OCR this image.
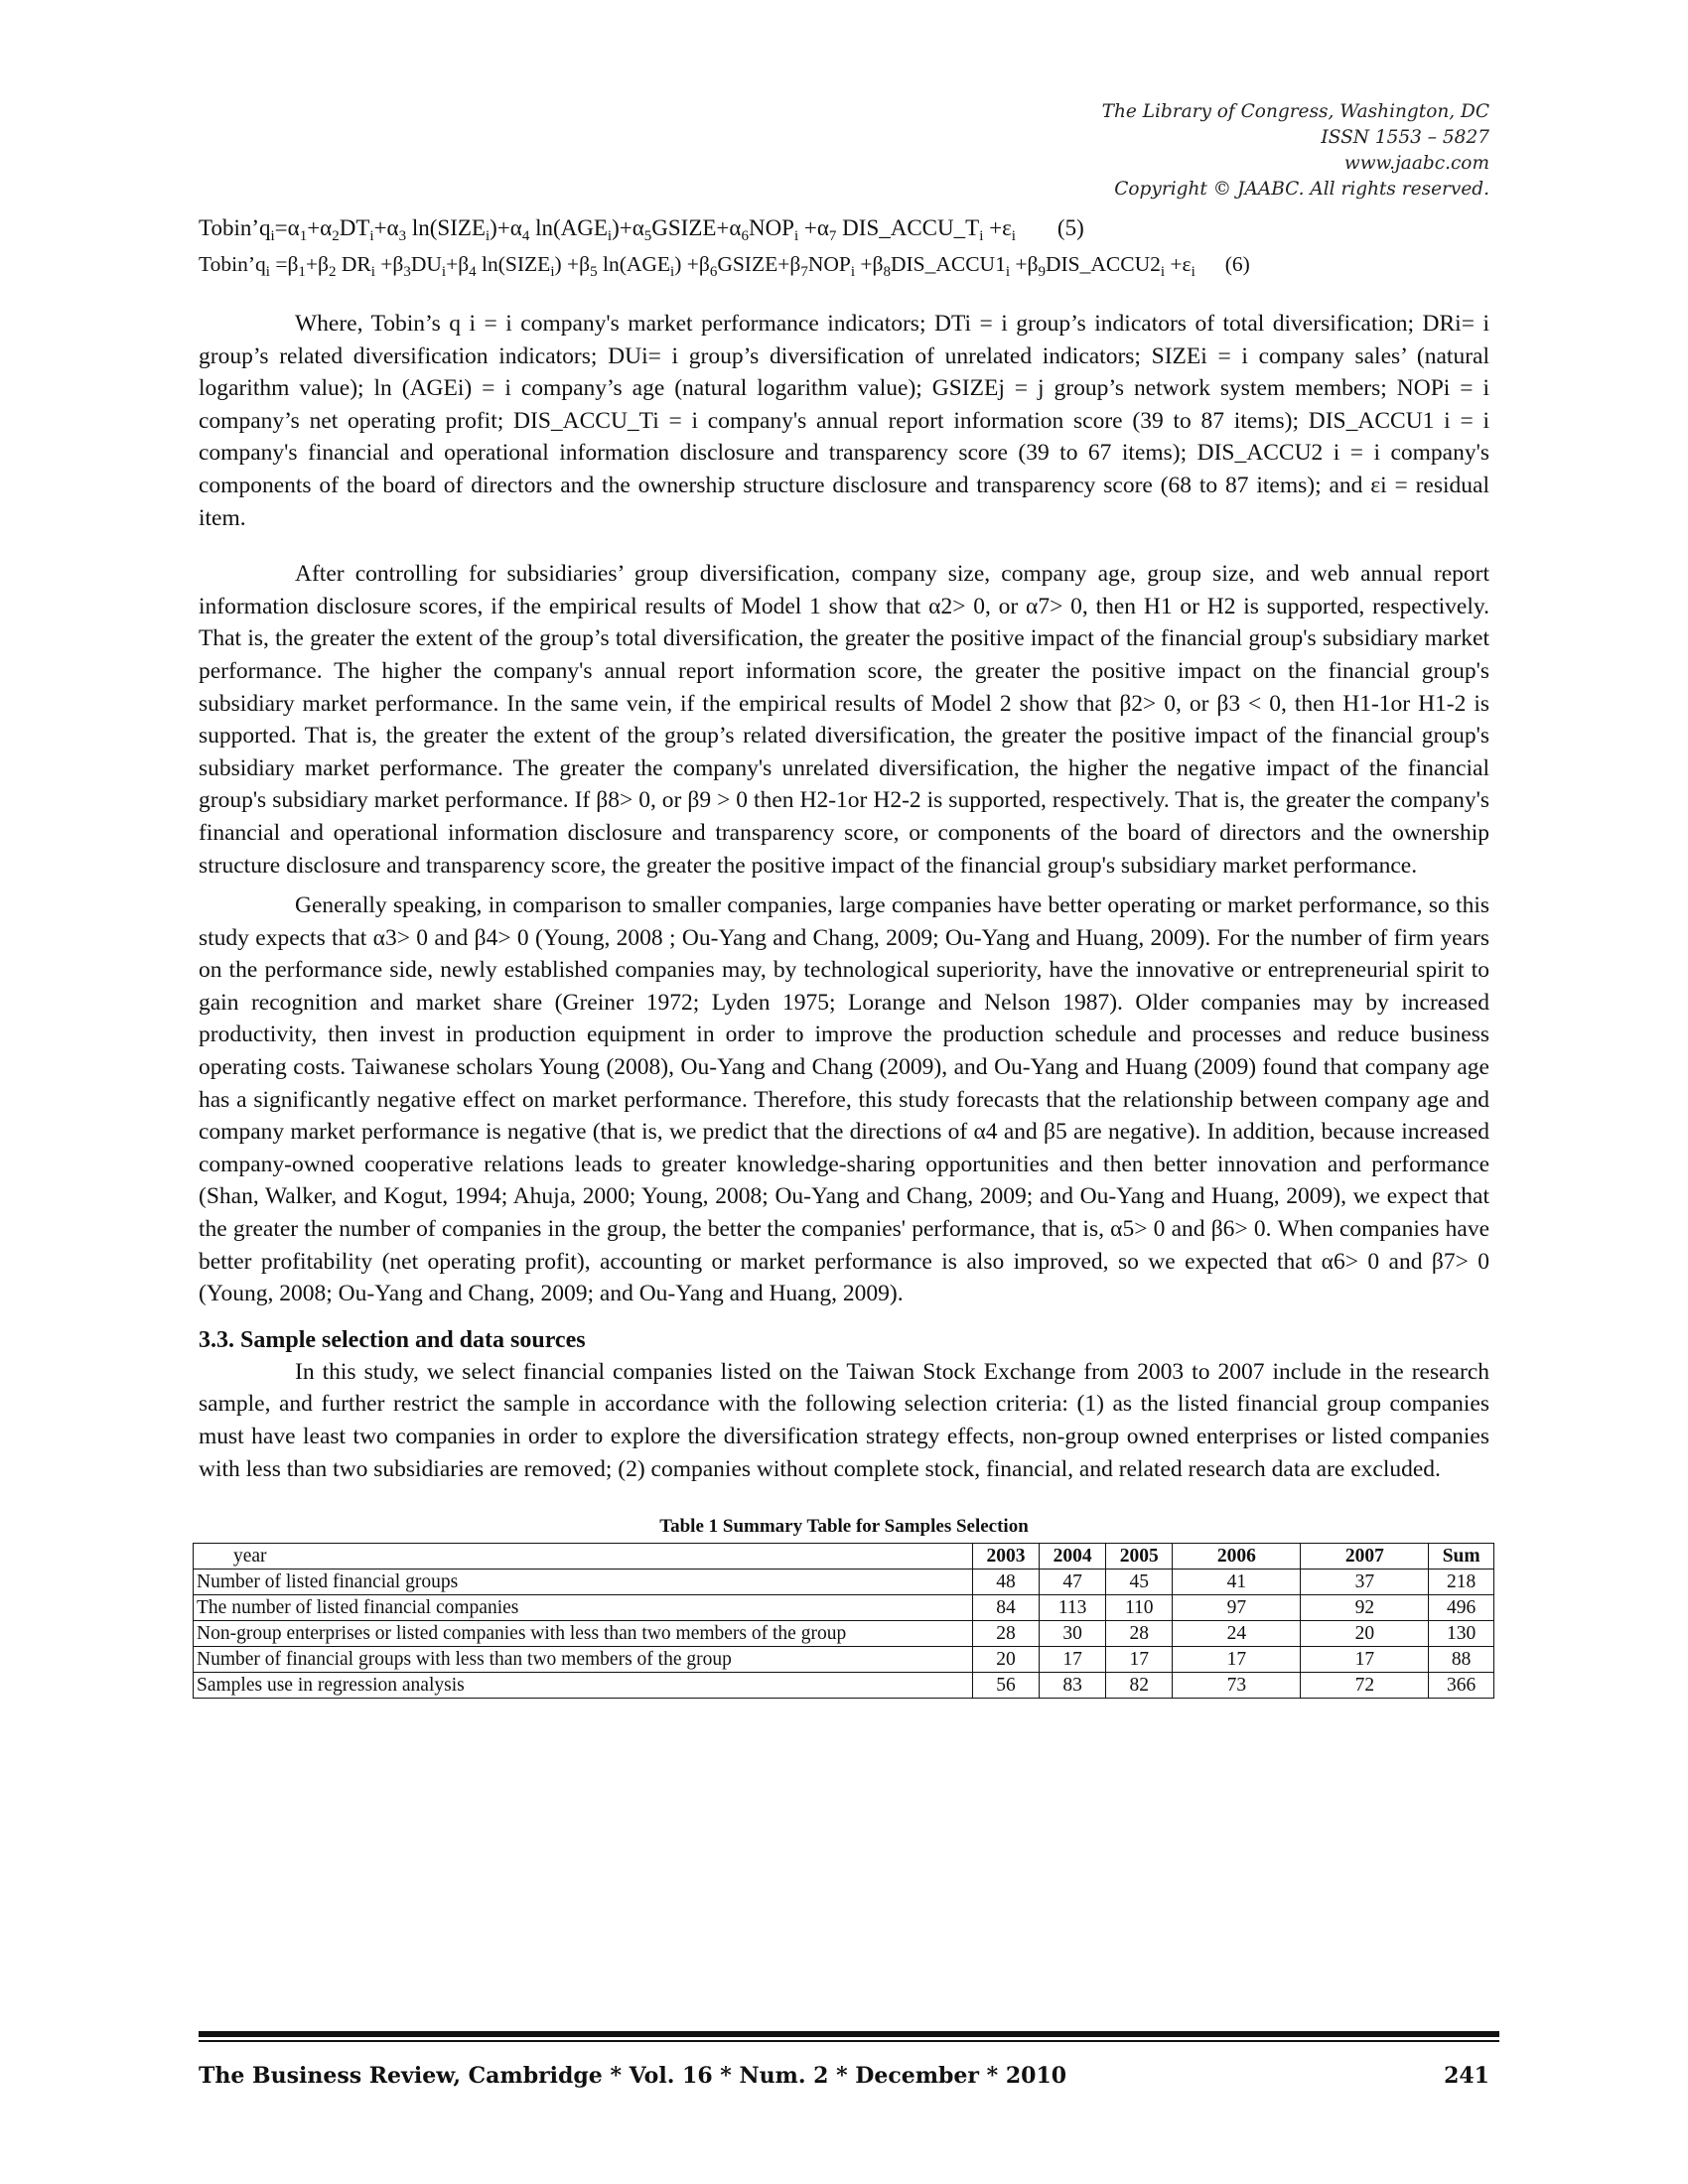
The Library of Congress, Washington, DC
ISSN 1553 – 5827
www.jaabc.com
Copyright © JAABC. All rights reserved.
$Tobin’q_i=\alpha_1+\alpha_2DT_i+\alpha_3$ $\ln(SIZE_i)+\alpha_4$ $\ln(AGE_i)+\alpha_5GSIZE+\alpha_6NOP_i +\alpha_7$ $DIS\_ACCU\_T_i +\varepsilon_i$ (5)
$Tobin’q_i =\beta_1+\beta_2$ $DR_i +\beta_3DU_i+\beta_4$ $\ln(SIZE_i) +\beta_5$ $\ln(AGE_i)$ $+\beta_6GSIZE+\beta_7NOP_i$ $+\beta_8DIS\_ACCU1_i$ $+\beta_9DIS\_ACCU2_i +\varepsilon_i$ (6)

Where, Tobin’s q i = i company's market performance indicators; DTi = i group’s indicators of total diversification; DRi= i group’s related diversification indicators; DUi= i group’s diversification of unrelated indicators; SIZEi = i company sales’ (natural logarithm value); ln (AGEi) = i company’s age (natural logarithm value); GSIZEj = j group’s network system members; NOPi = i company’s net operating profit; DIS_ACCU_Ti = i company's annual report information score (39 to 87 items); DIS_ACCU1 i = i company's financial and operational information disclosure and transparency score (39 to 67 items); DIS_ACCU2 i = i company's components of the board of directors and the ownership structure disclosure and transparency score (68 to 87 items); and εi = residual item.

After controlling for subsidiaries’ group diversification, company size, company age, group size, and web annual report information disclosure scores, if the empirical results of Model 1 show that α2> 0, or α7> 0, then H1 or H2 is supported, respectively. That is, the greater the extent of the group’s total diversification, the greater the positive impact of the financial group's subsidiary market performance. The higher the company's annual report information score, the greater the positive impact on the financial group's subsidiary market performance. In the same vein, if the empirical results of Model 2 show that β2> 0, or β3 < 0, then H1-1or H1-2 is supported. That is, the greater the extent of the group’s related diversification, the greater the positive impact of the financial group's subsidiary market performance. The greater the company's unrelated diversification, the higher the negative impact of the financial group's subsidiary market performance. If β8> 0, or β9 > 0 then H2-1or H2-2 is supported, respectively. That is, the greater the company's financial and operational information disclosure and transparency score, or components of the board of directors and the ownership structure disclosure and transparency score, the greater the positive impact of the financial group's subsidiary market performance.

Generally speaking, in comparison to smaller companies, large companies have better operating or market performance, so this study expects that α3> 0 and β4> 0 (Young, 2008 ; Ou-Yang and Chang, 2009; Ou-Yang and Huang, 2009). For the number of firm years on the performance side, newly established companies may, by technological superiority, have the innovative or entrepreneurial spirit to gain recognition and market share (Greiner 1972; Lyden 1975; Lorange and Nelson 1987). Older companies may by increased productivity, then invest in production equipment in order to improve the production schedule and processes and reduce business operating costs. Taiwanese scholars Young (2008), Ou-Yang and Chang (2009), and Ou-Yang and Huang (2009) found that company age has a significantly negative effect on market performance. Therefore, this study forecasts that the relationship between company age and company market performance is negative (that is, we predict that the directions of α4 and β5 are negative). In addition, because increased company-owned cooperative relations leads to greater knowledge-sharing opportunities and then better innovation and performance (Shan, Walker, and Kogut, 1994; Ahuja, 2000; Young, 2008; Ou-Yang and Chang, 2009; and Ou-Yang and Huang, 2009), we expect that the greater the number of companies in the group, the better the companies' performance, that is, α5> 0 and β6> 0. When companies have better profitability (net operating profit), accounting or market performance is also improved, so we expected that α6> 0 and β7> 0 (Young, 2008; Ou-Yang and Chang, 2009; and Ou-Yang and Huang, 2009).

3.3. Sample selection and data sources

In this study, we select financial companies listed on the Taiwan Stock Exchange from 2003 to 2007 include in the research sample, and further restrict the sample in accordance with the following selection criteria: (1) as the listed financial group companies must have least two companies in order to explore the diversification strategy effects, non-group owned enterprises or listed companies with less than two subsidiaries are removed; (2) companies without complete stock, financial, and related research data are excluded.

Table 1 Summary Table for Samples Selection
year	2003	2004	2005	2006	2007	Sum
Number of listed financial groups	48	47	45	41	37	218
The number of listed financial companies	84	113	110	97	92	496
Non-group enterprises or listed companies with less than two members of the group	28	30	28	24	20	130
Number of financial groups with less than two members of the group	20	17	17	17	17	88
Samples use in regression analysis	56	83	82	73	72	366
The Business Review, Cambridge * Vol. 16 * Num. 2 * December * 2010	241
